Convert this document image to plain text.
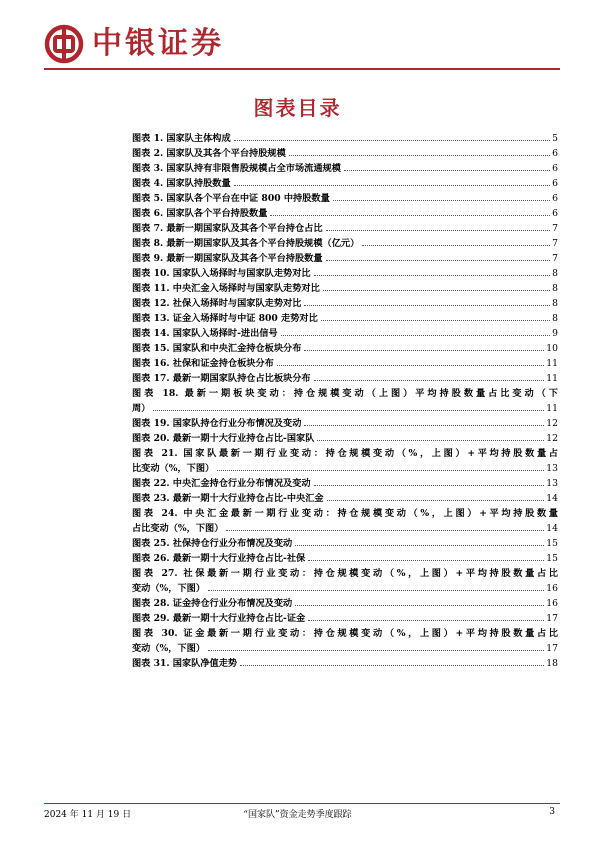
中银证券
图表目录
图表 1. 国家队主体构成	5
图表 2. 国家队及其各个平台持股规模	6
图表 3. 国家队持有非限售股规模占全市场流通规模	6
图表 4. 国家队持股数量	6
图表 5. 国家队各个平台在中证 800 中持股数量	6
图表 6. 国家队各个平台持股数量	6
图表 7. 最新一期国家队及其各个平台持仓占比	7
图表 8. 最新一期国家队及其各个平台持股规模（亿元）	7
图表 9. 最新一期国家队及其各个平台持股数量	7
图表 10. 国家队入场择时与国家队走势对比	8
图表 11. 中央汇金入场择时与国家队走势对比	8
图表 12. 社保入场择时与国家队走势对比	8
图表 13. 证金入场择时与中证 800 走势对比	8
图表 14. 国家队入场择时-进出信号	9
图表 15. 国家队和中央汇金持仓板块分布	10
图表 16. 社保和证金持仓板块分布	11
图表 17. 最新一期国家队持仓占比板块分布	11
图表 18. 最新一期板块变动：持仓规模变动（上图）平均持股数量占比变动（下
周）	11
图表 19. 国家队持仓行业分布情况及变动	12
图表 20. 最新一期十大行业持仓占比-国家队	12
图表 21. 国家队最新一期行业变动：持仓规模变动（%，上图）+平均持股数量占
比变动（%，下图）	13
图表 22. 中央汇金持仓行业分布情况及变动	13
图表 23. 最新一期十大行业持仓占比-中央汇金	14
图表 24. 中央汇金最新一期行业变动：持仓规模变动（%，上图）+平均持股数量
占比变动（%，下图）	14
图表 25. 社保持仓行业分布情况及变动	15
图表 26. 最新一期十大行业持仓占比-社保	15
图表 27. 社保最新一期行业变动：持仓规模变动（%，上图）+平均持股数量占比
变动（%，下图）	16
图表 28. 证金持仓行业分布情况及变动	16
图表 29. 最新一期十大行业持仓占比-证金	17
图表 30. 证金最新一期行业变动：持仓规模变动（%，上图）+平均持股数量占比
变动（%，下图）	17
图表 31. 国家队净值走势	18
2024 年 11 月 19 日	“国家队”资金走势季度跟踪	3
